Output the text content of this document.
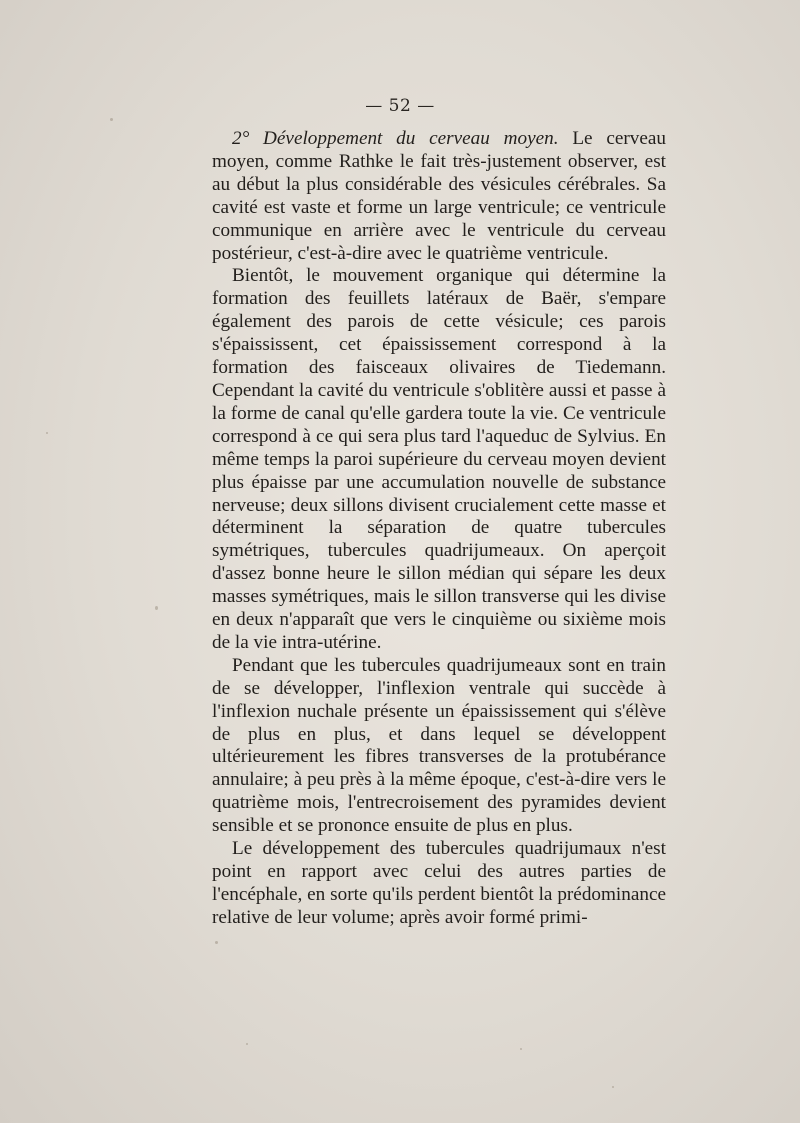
— 52 —

2° Développement du cerveau moyen. Le cerveau moyen, comme Rathke le fait très-justement observer, est au début la plus considérable des vésicules cérébrales. Sa cavité est vaste et forme un large ventricule; ce ventricule communique en arrière avec le ventricule du cerveau postérieur, c'est-à-dire avec le quatrième ventricule.

Bientôt, le mouvement organique qui détermine la formation des feuillets latéraux de Baër, s'empare également des parois de cette vésicule; ces parois s'épaississent, cet épaississement correspond à la formation des faisceaux olivaires de Tiedemann. Cependant la cavité du ventricule s'oblitère aussi et passe à la forme de canal qu'elle gardera toute la vie. Ce ventricule correspond à ce qui sera plus tard l'aqueduc de Sylvius. En même temps la paroi supérieure du cerveau moyen devient plus épaisse par une accumulation nouvelle de substance nerveuse; deux sillons divisent crucialement cette masse et déterminent la séparation de quatre tubercules symétriques, tubercules quadrijumeaux. On aperçoit d'assez bonne heure le sillon médian qui sépare les deux masses symétriques, mais le sillon transverse qui les divise en deux n'apparaît que vers le cinquième ou sixième mois de la vie intra-utérine.

Pendant que les tubercules quadrijumeaux sont en train de se développer, l'inflexion ventrale qui succède à l'inflexion nuchale présente un épaississement qui s'élève de plus en plus, et dans lequel se développent ultérieurement les fibres transverses de la protubérance annulaire; à peu près à la même époque, c'est-à-dire vers le quatrième mois, l'entrecroisement des pyramides devient sensible et se prononce ensuite de plus en plus.

Le développement des tubercules quadrijumaux n'est point en rapport avec celui des autres parties de l'encéphale, en sorte qu'ils perdent bientôt la prédominance relative de leur volume; après avoir formé primi-
